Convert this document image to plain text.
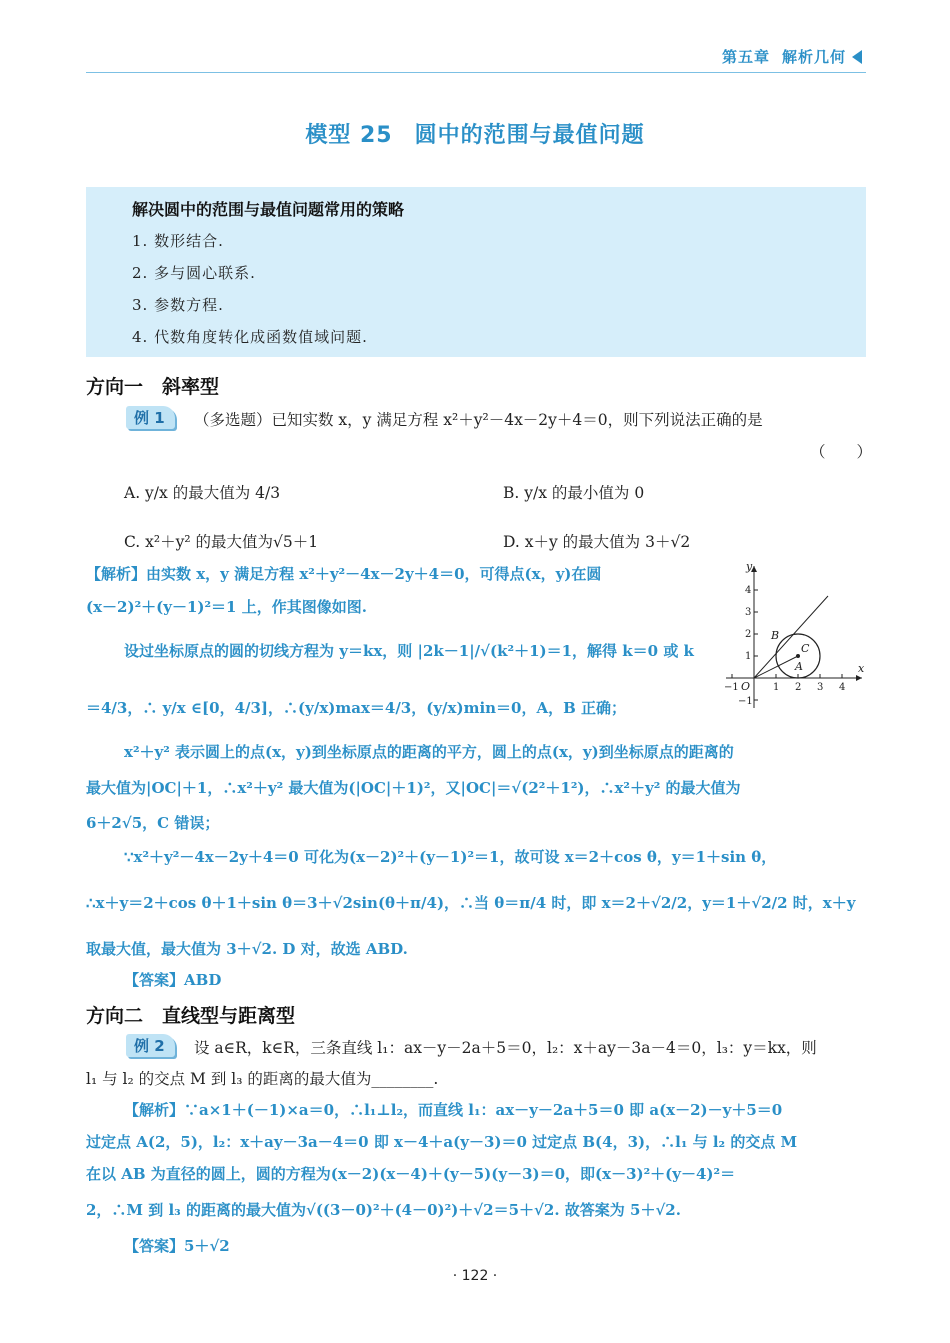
第五章 解析几何
模型 25 圆中的范围与最值问题
解决圆中的范围与最值问题常用的策略
1. 数形结合.
2. 多与圆心联系.
3. 参数方程.
4. 代数角度转化成函数值域问题.
方向一　斜率型
例 1	（多选题）已知实数 x，y 满足方程 x²＋y²－4x－2y＋4＝0，则下列说法正确的是
（　　）
A. y/x 的最大值为 4/3	B. y/x 的最小值为 0
C. x²＋y² 的最大值为√5＋1	D. x＋y 的最大值为 3＋√2
【解析】由实数 x，y 满足方程 x²＋y²－4x－2y＋4＝0，可得点(x，y)在圆
(x－2)²＋(y－1)²＝1 上，作其图像如图.
设过坐标原点的圆的切线方程为 y＝kx，则 |2k－1|/√(k²＋1)＝1，解得 k＝0 或 k
＝4/3，∴ y/x ∈[0，4/3]，∴(y/x)max＝4/3，(y/x)min＝0，A，B 正确；
x²＋y² 表示圆上的点(x，y)到坐标原点的距离的平方，圆上的点(x，y)到坐标原点的距离的
最大值为|OC|＋1，∴x²＋y² 最大值为(|OC|＋1)²，又|OC|＝√(2²＋1²)，∴x²＋y² 的最大值为
6＋2√5，C 错误；
∵x²＋y²－4x－2y＋4＝0 可化为(x－2)²＋(y－1)²＝1，故可设 x＝2＋cos θ，y＝1＋sin θ，
∴x＋y＝2＋cos θ＋1＋sin θ＝3＋√2sin(θ＋π/4)，∴当 θ＝π/4 时，即 x＝2＋√2/2，y＝1＋√2/2 时，x＋y
取最大值，最大值为 3＋√2. D 对，故选 ABD.
【答案】ABD
x
y
O
B
C
A
−1	1 2 3 4
−1
1
2
3
4
方向二　直线型与距离型
例 2	设 a∈R，k∈R，三条直线 l₁：ax－y－2a＋5＝0，l₂：x＋ay－3a－4＝0，l₃：y＝kx，则
l₁ 与 l₂ 的交点 M 到 l₃ 的距离的最大值为________.
【解析】∵a×1＋(－1)×a＝0，∴l₁⊥l₂，而直线 l₁：ax－y－2a＋5＝0 即 a(x－2)－y＋5＝0
过定点 A(2，5)，l₂：x＋ay－3a－4＝0 即 x－4＋a(y－3)＝0 过定点 B(4，3)，∴l₁ 与 l₂ 的交点 M
在以 AB 为直径的圆上，圆的方程为(x－2)(x－4)＋(y－5)(y－3)＝0，即(x－3)²＋(y－4)²＝
2，∴M 到 l₃ 的距离的最大值为√((3－0)²＋(4－0)²)＋√2＝5＋√2. 故答案为 5＋√2.
【答案】5＋√2
· 122 ·
